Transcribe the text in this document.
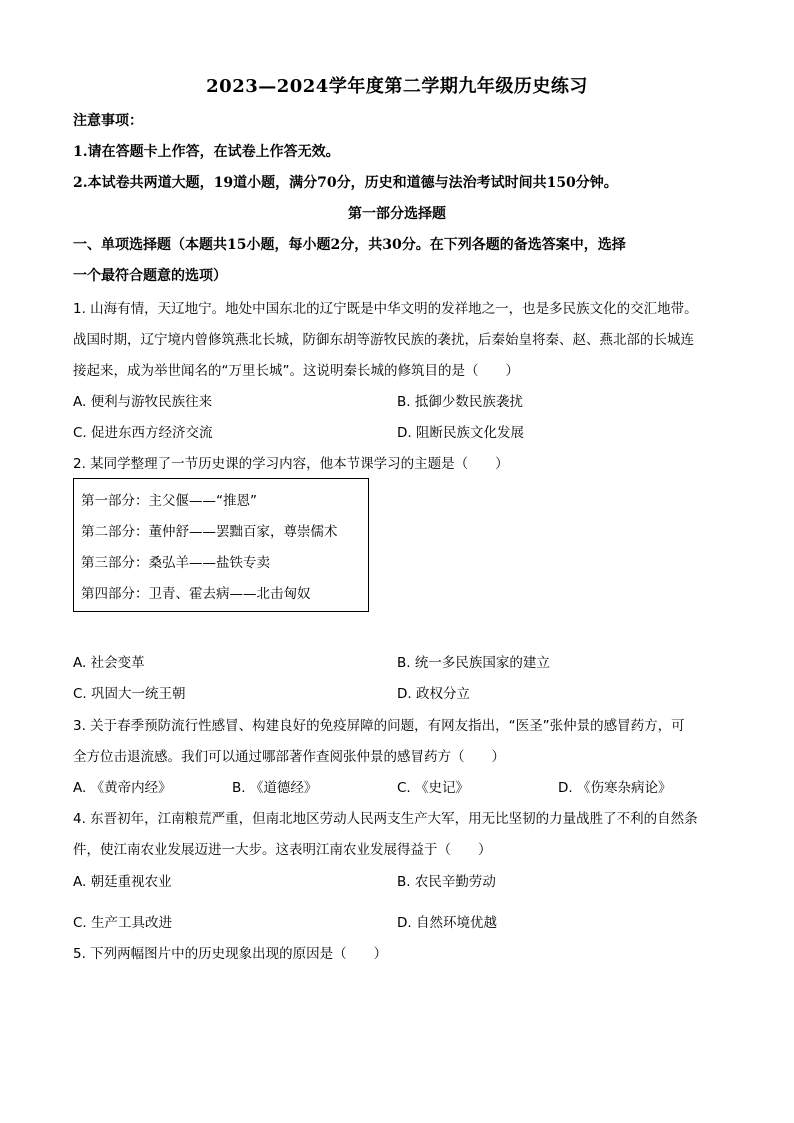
2023—2024学年度第二学期九年级历史练习
注意事项：
1.请在答题卡上作答，在试卷上作答无效。
2.本试卷共两道大题，19道小题，满分70分，历史和道德与法治考试时间共150分钟。
第一部分选择题
一、单项选择题（本题共15小题，每小题2分，共30分。在下列各题的备选答案中，选择
一个最符合题意的选项）
1. 山海有情，天辽地宁。地处中国东北的辽宁既是中华文明的发祥地之一，也是多民族文化的交汇地带。
战国时期，辽宁境内曾修筑燕北长城，防御东胡等游牧民族的袭扰，后秦始皇将秦、赵、燕北部的长城连
接起来，成为举世闻名的“万里长城”。这说明秦长城的修筑目的是（　　）
A. 便利与游牧民族往来	B. 抵御少数民族袭扰
C. 促进东西方经济交流	D. 阻断民族文化发展
2. 某同学整理了一节历史课的学习内容，他本节课学习的主题是（　　）
第一部分：主父偃——“推恩”
第二部分：董仲舒——罢黜百家，尊崇儒术
第三部分：桑弘羊——盐铁专卖
第四部分：卫青、霍去病——北击匈奴
A. 社会变革	B. 统一多民族国家的建立
C. 巩固大一统王朝	D. 政权分立
3. 关于春季预防流行性感冒、构建良好的免疫屏障的问题，有网友指出，“医圣”张仲景的感冒药方，可
全方位击退流感。我们可以通过哪部著作查阅张仲景的感冒药方（　　）
A. 《黄帝内经》	B. 《道德经》	C. 《史记》	D. 《伤寒杂病论》
4. 东晋初年，江南粮荒严重，但南北地区劳动人民两支生产大军，用无比坚韧的力量战胜了不利的自然条
件，使江南农业发展迈进一大步。这表明江南农业发展得益于（　　）
A. 朝廷重视农业	B. 农民辛勤劳动
C. 生产工具改进	D. 自然环境优越
5. 下列两幅图片中的历史现象出现的原因是（　　）
